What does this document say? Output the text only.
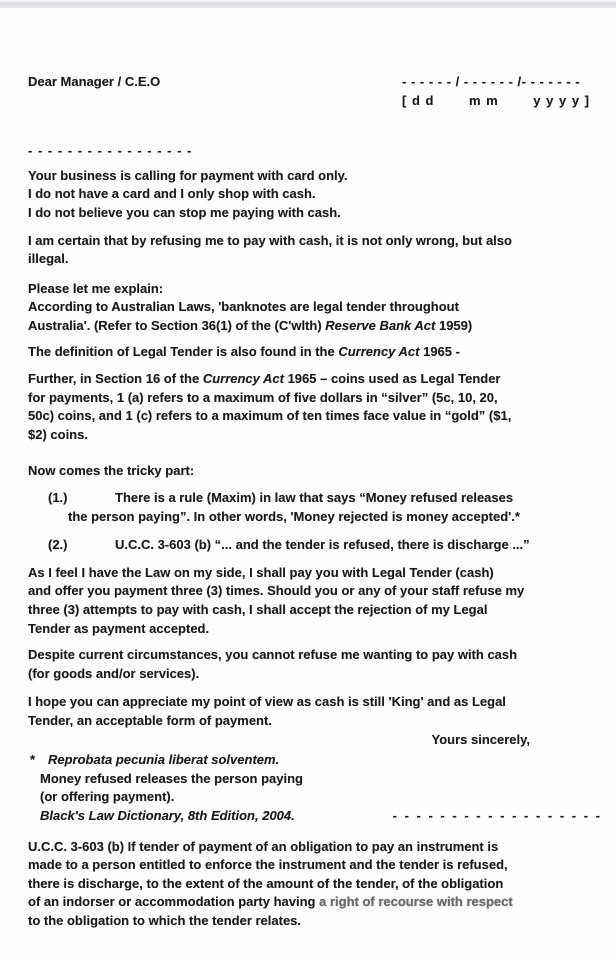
Dear Manager / C.E.O	- - - - - - / - - - - - - /- - - - - - -
[ d d	m m	y y y y ]
- - - - - - - - - - - - - - - - -
Your business is calling for payment with card only.
I do not have a card and I only shop with cash.
I do not believe you can stop me paying with cash.
I am certain that by refusing me to pay with cash, it is not only wrong, but also
illegal.
Please let me explain:
According to Australian Laws, 'banknotes are legal tender throughout
Australia'. (Refer to Section 36(1) of the (C'wlth) Reserve Bank Act 1959)
The definition of Legal Tender is also found in the Currency Act 1965 -
Further, in Section 16 of the Currency Act 1965 – coins used as Legal Tender
for payments, 1 (a) refers to a maximum of five dollars in “silver” (5c, 10, 20,
50c) coins, and 1 (c) refers to a maximum of ten times face value in “gold” ($1,
$2) coins.
Now comes the tricky part:
(1.)	There is a rule (Maxim) in law that says “Money refused releases
the person paying”. In other words, 'Money rejected is money accepted'.*
(2.)	U.C.C. 3-603 (b) “... and the tender is refused, there is discharge ...”
As I feel I have the Law on my side, I shall pay you with Legal Tender (cash)
and offer you payment three (3) times. Should you or any of your staff refuse my
three (3) attempts to pay with cash, I shall accept the rejection of my Legal
Tender as payment accepted.
Despite current circumstances, you cannot refuse me wanting to pay with cash
(for goods and/or services).
I hope you can appreciate my point of view as cash is still 'King' and as Legal
Tender, an acceptable form of payment.
Yours sincerely,
* Reprobata pecunia liberat solventem.
Money refused releases the person paying
(or offering payment).
Black's Law Dictionary, 8th Edition, 2004.	- - - - - - - - - - - - - - - - - -
U.C.C. 3-603 (b) If tender of payment of an obligation to pay an instrument is
made to a person entitled to enforce the instrument and the tender is refused,
there is discharge, to the extent of the amount of the tender, of the obligation
of an indorser or accommodation party having a right of recourse with respect
to the obligation to which the tender relates.
